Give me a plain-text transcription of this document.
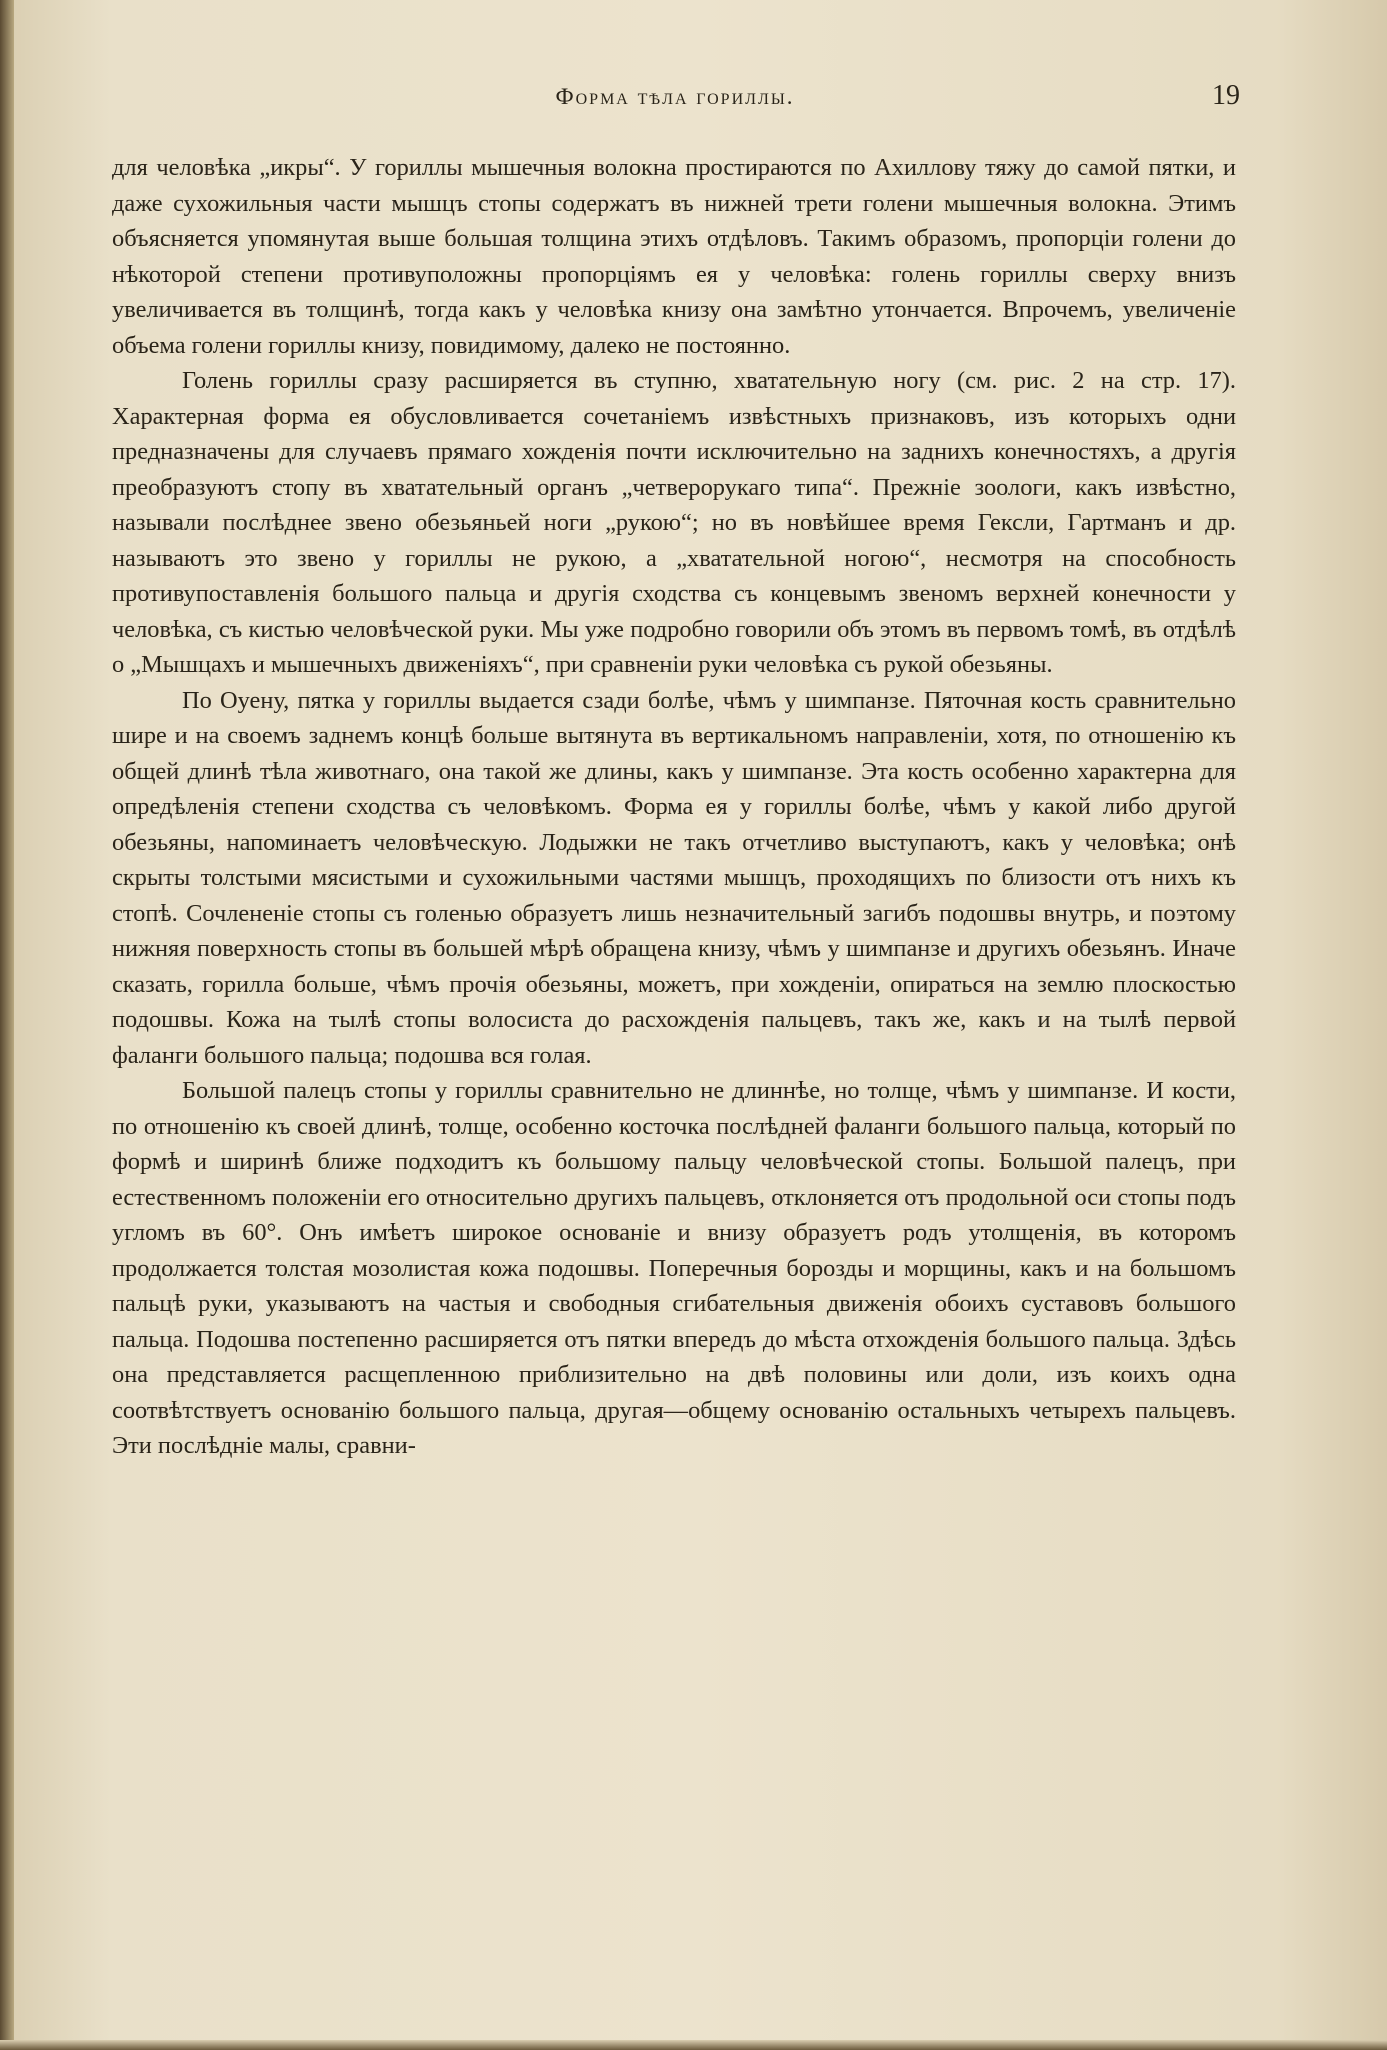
Форма тѣла гориллы.	19

для человѣка „икры“. У гориллы мышечныя волокна простираются по Ахиллову тяжу до самой пятки, и даже сухожильныя части мышцъ стопы содержатъ въ нижней трети голени мышечныя волокна. Этимъ объясняется упомянутая выше большая толщина этихъ отдѣловъ. Такимъ образомъ, пропорціи голени до нѣкоторой степени противуположны пропорціямъ ея у человѣка: голень гориллы сверху внизъ увеличивается въ толщинѣ, тогда какъ у человѣка книзу она замѣтно утончается. Впрочемъ, увеличеніе объема голени гориллы книзу, повидимому, далеко не постоянно.

Голень гориллы сразу расширяется въ ступню, хватательную ногу (см. рис. 2 на стр. 17). Характерная форма ея обусловливается сочетаніемъ извѣстныхъ признаковъ, изъ которыхъ одни предназначены для случаевъ прямаго хожденія почти исключительно на заднихъ конечностяхъ, а другія преобразуютъ стопу въ хватательный органъ „четверорукаго типа“. Прежніе зоологи, какъ извѣстно, называли послѣднее звено обезьяньей ноги „рукою“; но въ новѣйшее время Гексли, Гартманъ и др. называютъ это звено у гориллы не рукою, а „хватательной ногою“, несмотря на способность противупоставленія большого пальца и другія сходства съ концевымъ звеномъ верхней конечности у человѣка, съ кистью человѣческой руки. Мы уже подробно говорили объ этомъ въ первомъ томѣ, въ отдѣлѣ о „Мышцахъ и мышечныхъ движеніяхъ“, при сравненіи руки человѣка съ рукой обезьяны.

По Оуену, пятка у гориллы выдается сзади болѣе, чѣмъ у шимпанзе. Пяточная кость сравнительно шире и на своемъ заднемъ концѣ больше вытянута въ вертикальномъ направленіи, хотя, по отношенію къ общей длинѣ тѣла животнаго, она такой же длины, какъ у шимпанзе. Эта кость особенно характерна для опредѣленія степени сходства съ человѣкомъ. Форма ея у гориллы болѣе, чѣмъ у какой либо другой обезьяны, напоминаетъ человѣческую. Лодыжки не такъ отчетливо выступаютъ, какъ у человѣка; онѣ скрыты толстыми мясистыми и сухожильными частями мышцъ, проходящихъ по близости отъ нихъ къ стопѣ. Сочлененіе стопы съ голенью образуетъ лишь незначительный загибъ подошвы внутрь, и поэтому нижняя поверхность стопы въ большей мѣрѣ обращена книзу, чѣмъ у шимпанзе и другихъ обезьянъ. Иначе сказать, горилла больше, чѣмъ прочія обезьяны, можетъ, при хожденіи, опираться на землю плоскостью подошвы. Кожа на тылѣ стопы волосиста до расхожденія пальцевъ, такъ же, какъ и на тылѣ первой фаланги большого пальца; подошва вся голая.

Большой палецъ стопы у гориллы сравнительно не длиннѣе, но толще, чѣмъ у шимпанзе. И кости, по отношенію къ своей длинѣ, толще, особенно косточка послѣдней фаланги большого пальца, который по формѣ и ширинѣ ближе подходитъ къ большому пальцу человѣческой стопы. Большой палецъ, при естественномъ положеніи его относительно другихъ пальцевъ, отклоняется отъ продольной оси стопы подъ угломъ въ 60°. Онъ имѣетъ широкое основаніе и внизу образуетъ родъ утолщенія, въ которомъ продолжается толстая мозолистая кожа подошвы. Поперечныя борозды и морщины, какъ и на большомъ пальцѣ руки, указываютъ на частыя и свободныя сгибательныя движенія обоихъ суставовъ большого пальца. Подошва постепенно расширяется отъ пятки впередъ до мѣста отхожденія большого пальца. Здѣсь она представляется расщепленною приблизительно на двѣ половины или доли, изъ коихъ одна соотвѣтствуетъ основанію большого пальца, другая—общему основанію остальныхъ четырехъ пальцевъ. Эти послѣдніе малы, сравни-
